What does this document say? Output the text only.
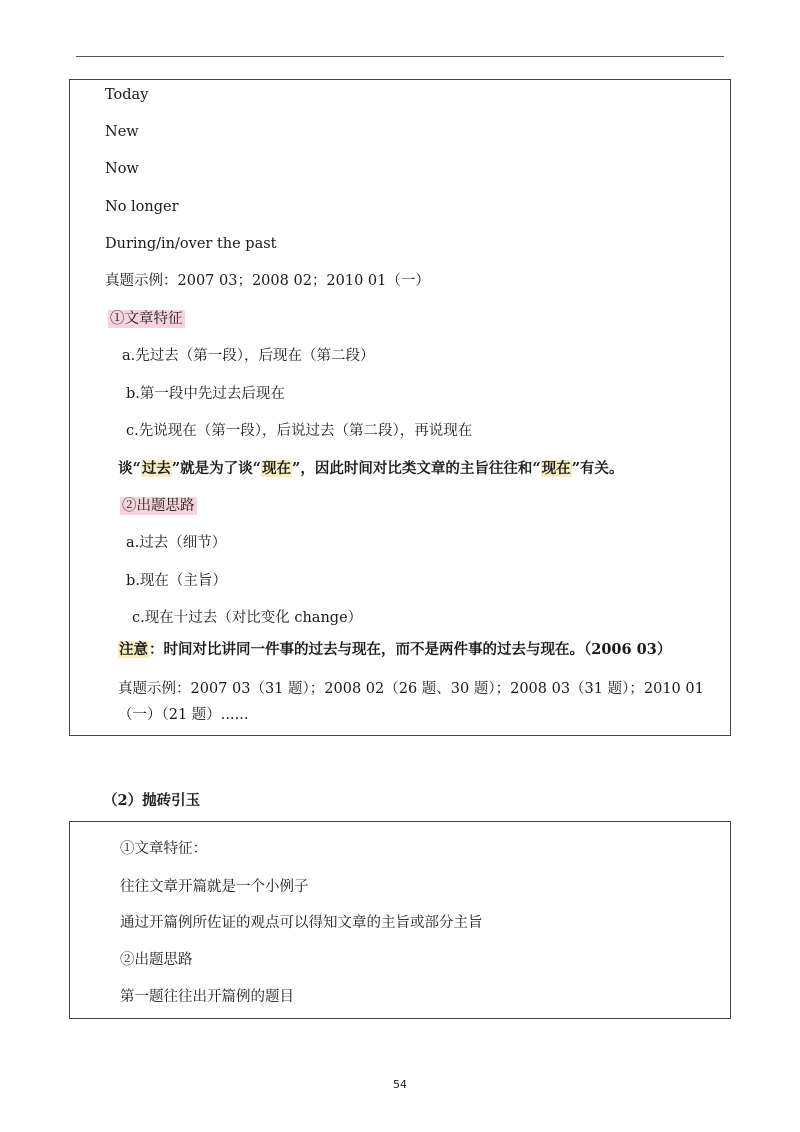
Today
New
Now
No longer
During/in/over the past
真题示例：2007 03；2008 02；2010 01（一）
①文章特征
a.先过去（第一段），后现在（第二段）
b.第一段中先过去后现在
c.先说现在（第一段），后说过去（第二段），再说现在
谈“过去”就是为了谈“现在”，因此时间对比类文章的主旨往往和“现在”有关。
②出题思路
a.过去（细节）
b.现在（主旨）
c.现在十过去（对比变化 change）
注意：时间对比讲同一件事的过去与现在，而不是两件事的过去与现在。（2006 03）
真题示例：2007 03（31 题）；2008 02（26 题、30 题）；2008 03（31 题）；2010 01
（一）（21 题）......
（2）抛砖引玉
①文章特征：
往往文章开篇就是一个小例子
通过开篇例所佐证的观点可以得知文章的主旨或部分主旨
②出题思路
第一题往往出开篇例的题目
54
